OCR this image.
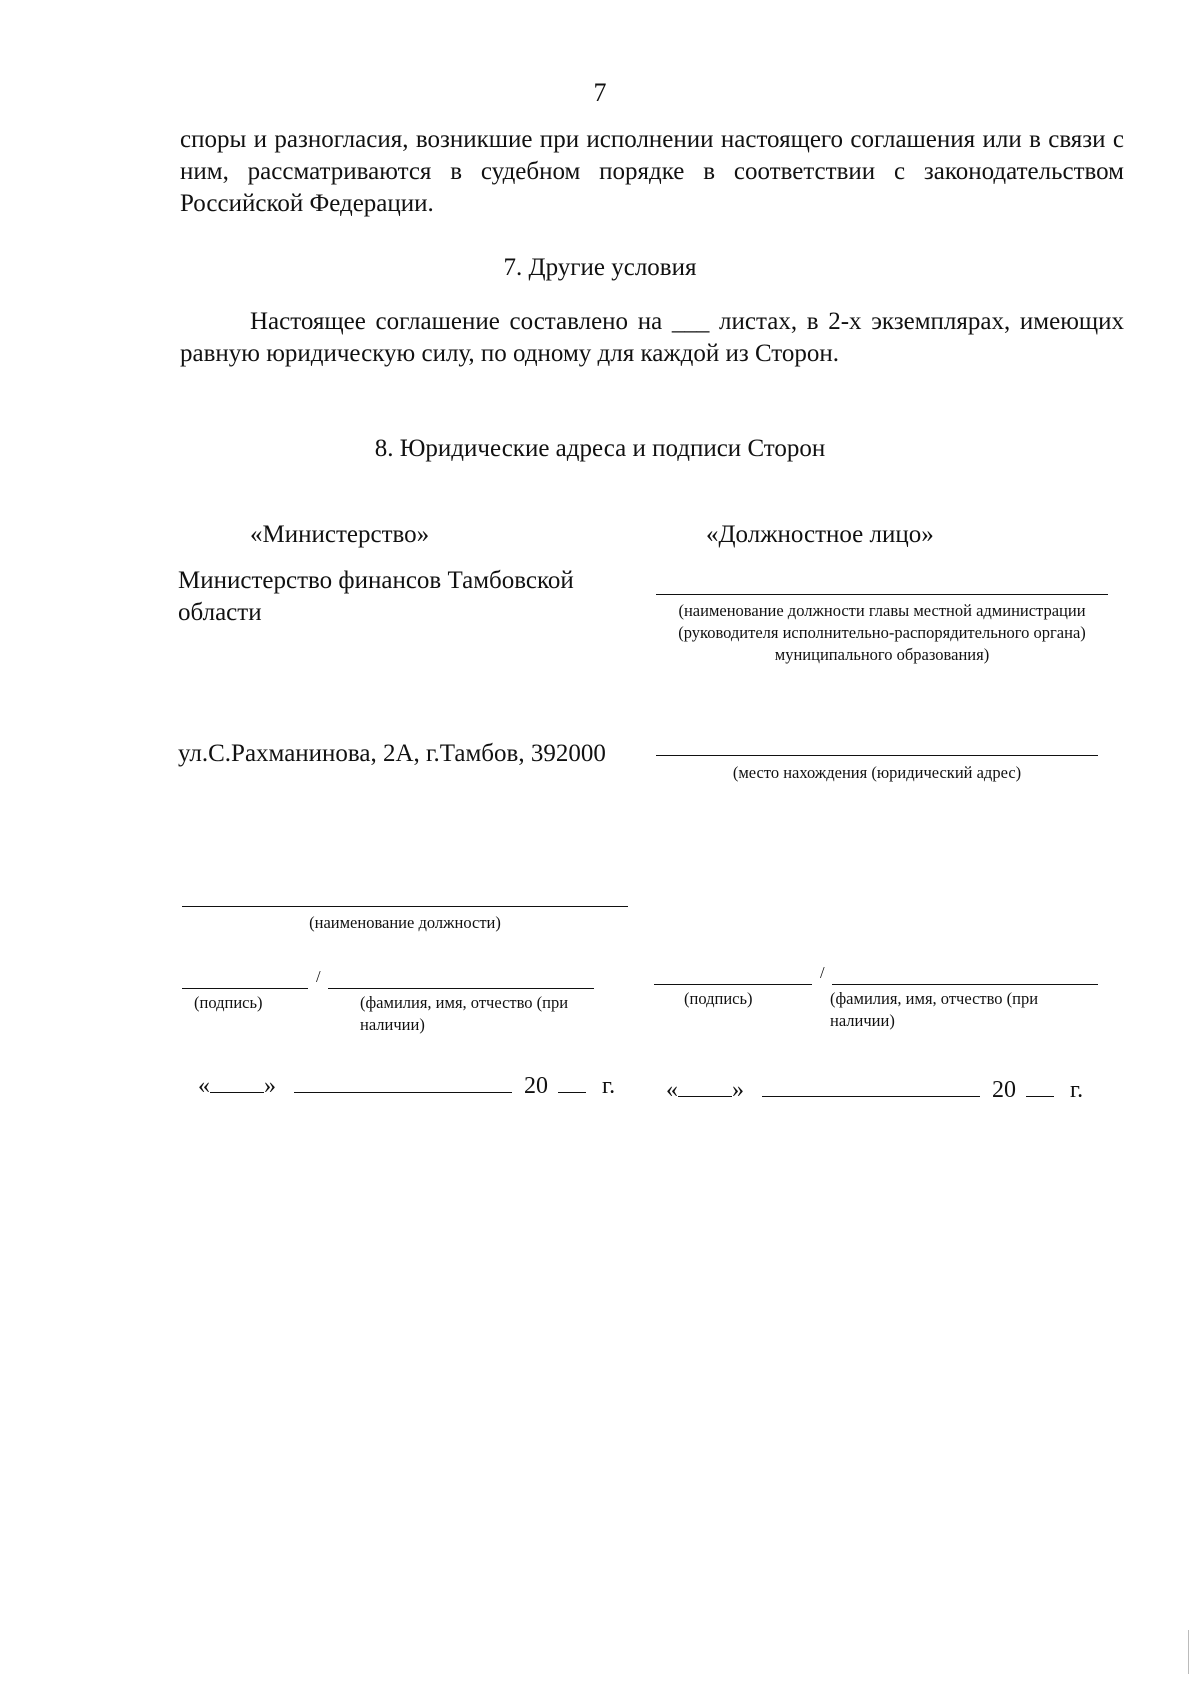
7

споры и разногласия, возникшие при исполнении настоящего соглашения или в связи с ним, рассматриваются в судебном порядке в соответствии с законодательством Российской Федерации.

7. Другие условия

Настоящее соглашение составлено на ___ листах, в 2-х экземплярах, имеющих равную юридическую силу, по одному для каждой из Сторон.

8. Юридические адреса и подписи Сторон
«Министерство»
Министерство финансов Тамбовской области
ул.С.Рахманинова, 2А, г.Тамбов, 392000
(наименование должности)
/
(подпись)	(фамилия, имя, отчество (при наличии)
« »	20 г.
«Должностное лицо»
(наименование должности главы местной администрации (руководителя исполнительно-распорядительного органа) муниципального образования)
(место нахождения (юридический адрес)
/
(подпись)	(фамилия, имя, отчество (при наличии)
« »	20 г.
